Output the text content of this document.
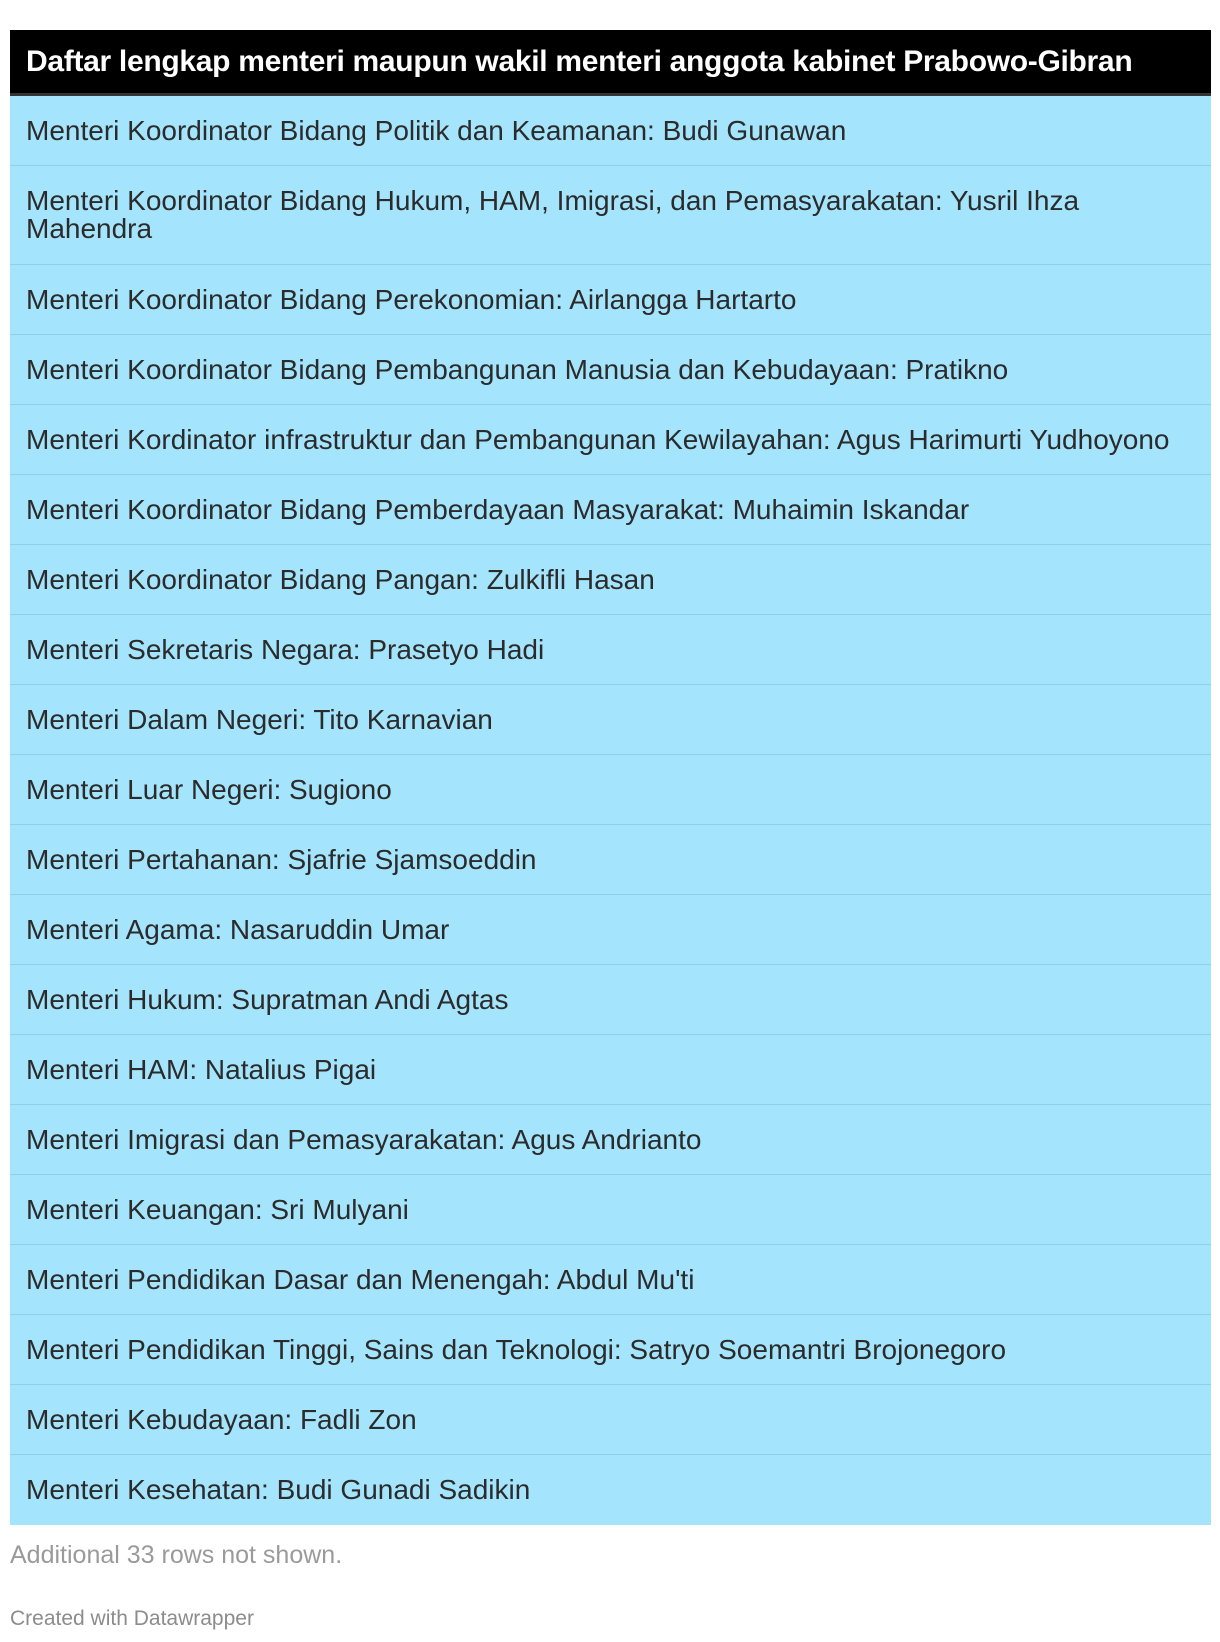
Daftar lengkap menteri maupun wakil menteri anggota kabinet Prabowo-Gibran
Menteri Koordinator Bidang Politik dan Keamanan: Budi Gunawan
Menteri Koordinator Bidang Hukum, HAM, Imigrasi, dan Pemasyarakatan: Yusril Ihza Mahendra
Menteri Koordinator Bidang Perekonomian: Airlangga Hartarto
Menteri Koordinator Bidang Pembangunan Manusia dan Kebudayaan: Pratikno
Menteri Kordinator infrastruktur dan Pembangunan Kewilayahan: Agus Harimurti Yudhoyono
Menteri Koordinator Bidang Pemberdayaan Masyarakat: Muhaimin Iskandar
Menteri Koordinator Bidang Pangan: Zulkifli Hasan
Menteri Sekretaris Negara: Prasetyo Hadi
Menteri Dalam Negeri: Tito Karnavian
Menteri Luar Negeri: Sugiono
Menteri Pertahanan: Sjafrie Sjamsoeddin
Menteri Agama: Nasaruddin Umar
Menteri Hukum: Supratman Andi Agtas
Menteri HAM: Natalius Pigai
Menteri Imigrasi dan Pemasyarakatan: Agus Andrianto
Menteri Keuangan: Sri Mulyani
Menteri Pendidikan Dasar dan Menengah: Abdul Mu'ti
Menteri Pendidikan Tinggi, Sains dan Teknologi: Satryo Soemantri Brojonegoro
Menteri Kebudayaan: Fadli Zon
Menteri Kesehatan: Budi Gunadi Sadikin
Additional 33 rows not shown.
Created with Datawrapper
